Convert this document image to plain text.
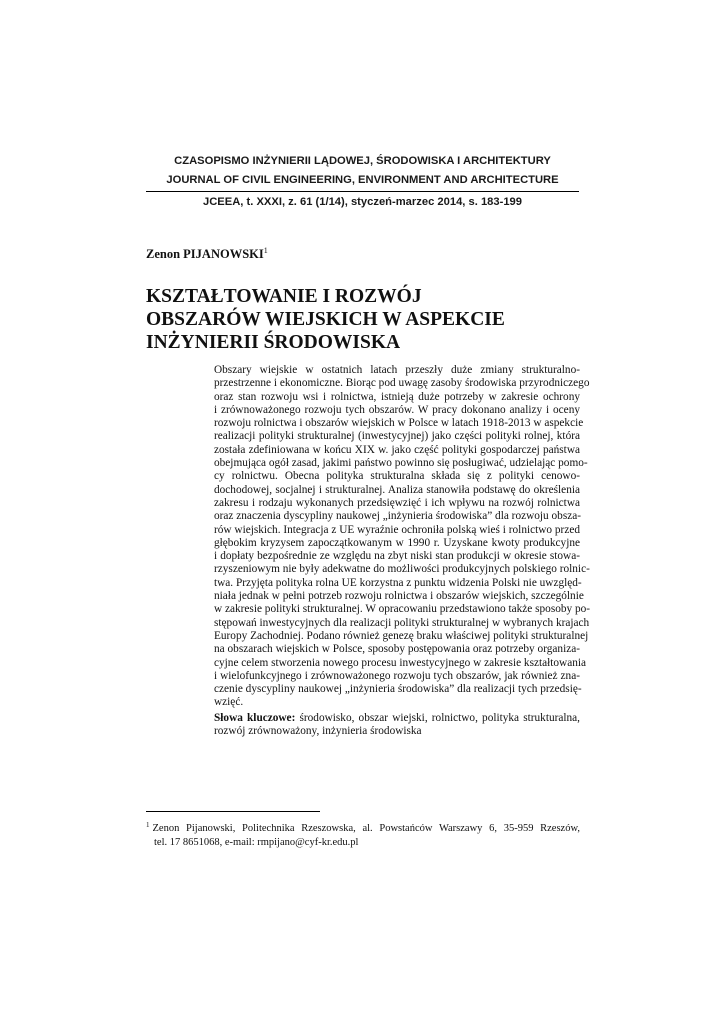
CZASOPISMO INŻYNIERII LĄDOWEJ, ŚRODOWISKA I ARCHITEKTURY
JOURNAL OF CIVIL ENGINEERING, ENVIRONMENT AND ARCHITECTURE
JCEEA, t. XXXI, z. 61 (1/14), styczeń-marzec 2014, s. 183-199
Zenon PIJANOWSKI$^1$
KSZTAŁTOWANIE I ROZWÓJ
OBSZARÓW WIEJSKICH W ASPEKCIE
INŻYNIERII ŚRODOWISKA
Obszary wiejskie w ostatnich latach przeszły duże zmiany strukturalno-
przestrzenne i ekonomiczne. Biorąc pod uwagę zasoby środowiska przyrodniczego
oraz stan rozwoju wsi i rolnictwa, istnieją duże potrzeby w zakresie ochrony
i zrównoważonego rozwoju tych obszarów. W pracy dokonano analizy i oceny
rozwoju rolnictwa i obszarów wiejskich w Polsce w latach 1918-2013 w aspekcie
realizacji polityki strukturalnej (inwestycyjnej) jako części polityki rolnej, która
została zdefiniowana w końcu XIX w. jako część polityki gospodarczej państwa
obejmująca ogół zasad, jakimi państwo powinno się posługiwać, udzielając pomo-
cy rolnictwu. Obecna polityka strukturalna składa się z polityki cenowo-
dochodowej, socjalnej i strukturalnej. Analiza stanowiła podstawę do określenia
zakresu i rodzaju wykonanych przedsięwzięć i ich wpływu na rozwój rolnictwa
oraz znaczenia dyscypliny naukowej „inżynieria środowiska” dla rozwoju obsza-
rów wiejskich. Integracja z UE wyraźnie ochroniła polską wieś i rolnictwo przed
głębokim kryzysem zapoczątkowanym w 1990 r. Uzyskane kwoty produkcyjne
i dopłaty bezpośrednie ze względu na zbyt niski stan produkcji w okresie stowa-
rzyszeniowym nie były adekwatne do możliwości produkcyjnych polskiego rolnic-
twa. Przyjęta polityka rolna UE korzystna z punktu widzenia Polski nie uwzględ-
niała jednak w pełni potrzeb rozwoju rolnictwa i obszarów wiejskich, szczególnie
w zakresie polityki strukturalnej. W opracowaniu przedstawiono także sposoby po-
stępowań inwestycyjnych dla realizacji polityki strukturalnej w wybranych krajach
Europy Zachodniej. Podano również genezę braku właściwej polityki strukturalnej
na obszarach wiejskich w Polsce, sposoby postępowania oraz potrzeby organiza-
cyjne celem stworzenia nowego procesu inwestycyjnego w zakresie kształtowania
i wielofunkcyjnego i zrównoważonego rozwoju tych obszarów, jak również zna-
czenie dyscypliny naukowej „inżynieria środowiska” dla realizacji tych przedsię-
wzięć.
Słowa kluczowe: środowisko, obszar wiejski, rolnictwo, polityka strukturalna,
rozwój zrównoważony, inżynieria środowiska
$^1$ Zenon Pijanowski, Politechnika Rzeszowska, al. Powstańców Warszawy 6, 35-959 Rzeszów,
tel. 17 8651068, e-mail: rmpijano@cyf-kr.edu.pl
